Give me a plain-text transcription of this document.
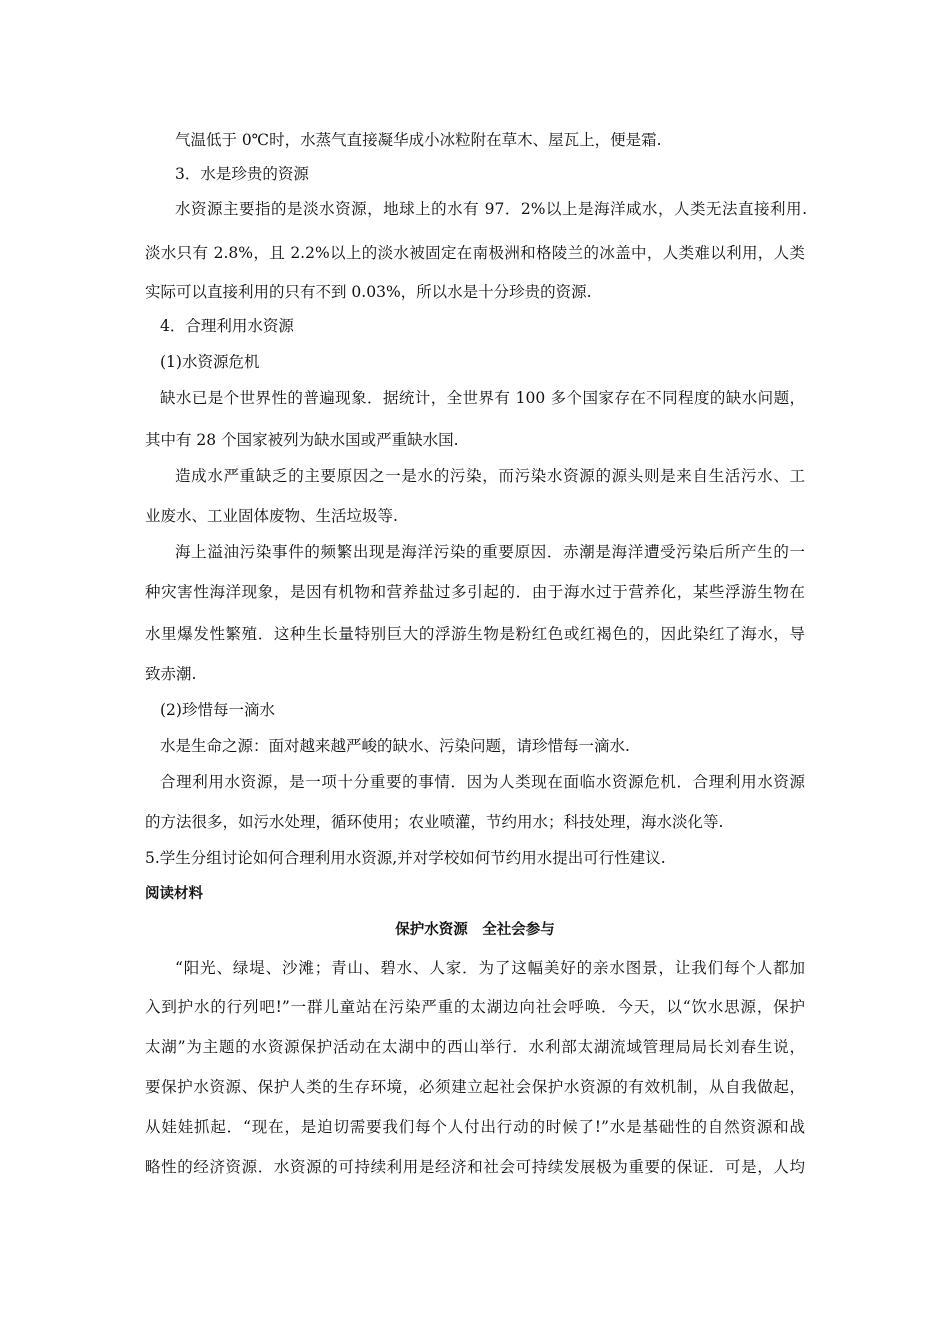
气温低于 0℃时，水蒸气直接凝华成小冰粒附在草木、屋瓦上，便是霜.
3．水是珍贵的资源
水资源主要指的是淡水资源，地球上的水有 97．2%以上是海洋咸水，人类无法直接利用.
淡水只有 2.8%，且 2.2%以上的淡水被固定在南极洲和格陵兰的冰盖中，人类难以利用，人类
实际可以直接利用的只有不到 0.03%，所以水是十分珍贵的资源.
4．合理利用水资源
(1)水资源危机
缺水已是个世界性的普遍现象．据统计，全世界有 100 多个国家存在不同程度的缺水问题，
其中有 28 个国家被列为缺水国或严重缺水国.
造成水严重缺乏的主要原因之一是水的污染，而污染水资源的源头则是来自生活污水、工
业废水、工业固体废物、生活垃圾等.
海上溢油污染事件的频繁出现是海洋污染的重要原因．赤潮是海洋遭受污染后所产生的一
种灾害性海洋现象，是因有机物和营养盐过多引起的．由于海水过于营养化，某些浮游生物在
水里爆发性繁殖．这种生长量特别巨大的浮游生物是粉红色或红褐色的，因此染红了海水，导
致赤潮.
(2)珍惜每一滴水
水是生命之源：面对越来越严峻的缺水、污染问题，请珍惜每一滴水.
合理利用水资源，是一项十分重要的事情．因为人类现在面临水资源危机．合理利用水资源
的方法很多，如污水处理，循环使用；农业喷灌，节约用水；科技处理，海水淡化等.
5.学生分组讨论如何合理利用水资源,并对学校如何节约用水提出可行性建议.
阅读材料
保护水资源　全社会参与
“阳光、绿堤、沙滩；青山、碧水、人家．为了这幅美好的亲水图景，让我们每个人都加
入到护水的行列吧!”一群儿童站在污染严重的太湖边向社会呼唤．今天，以“饮水思源，保护
太湖”为主题的水资源保护活动在太湖中的西山举行．水利部太湖流域管理局局长刘春生说，
要保护水资源、保护人类的生存环境，必须建立起社会保护水资源的有效机制，从自我做起，
从娃娃抓起．“现在，是迫切需要我们每个人付出行动的时候了!”水是基础性的自然资源和战
略性的经济资源．水资源的可持续利用是经济和社会可持续发展极为重要的保证．可是，人均
